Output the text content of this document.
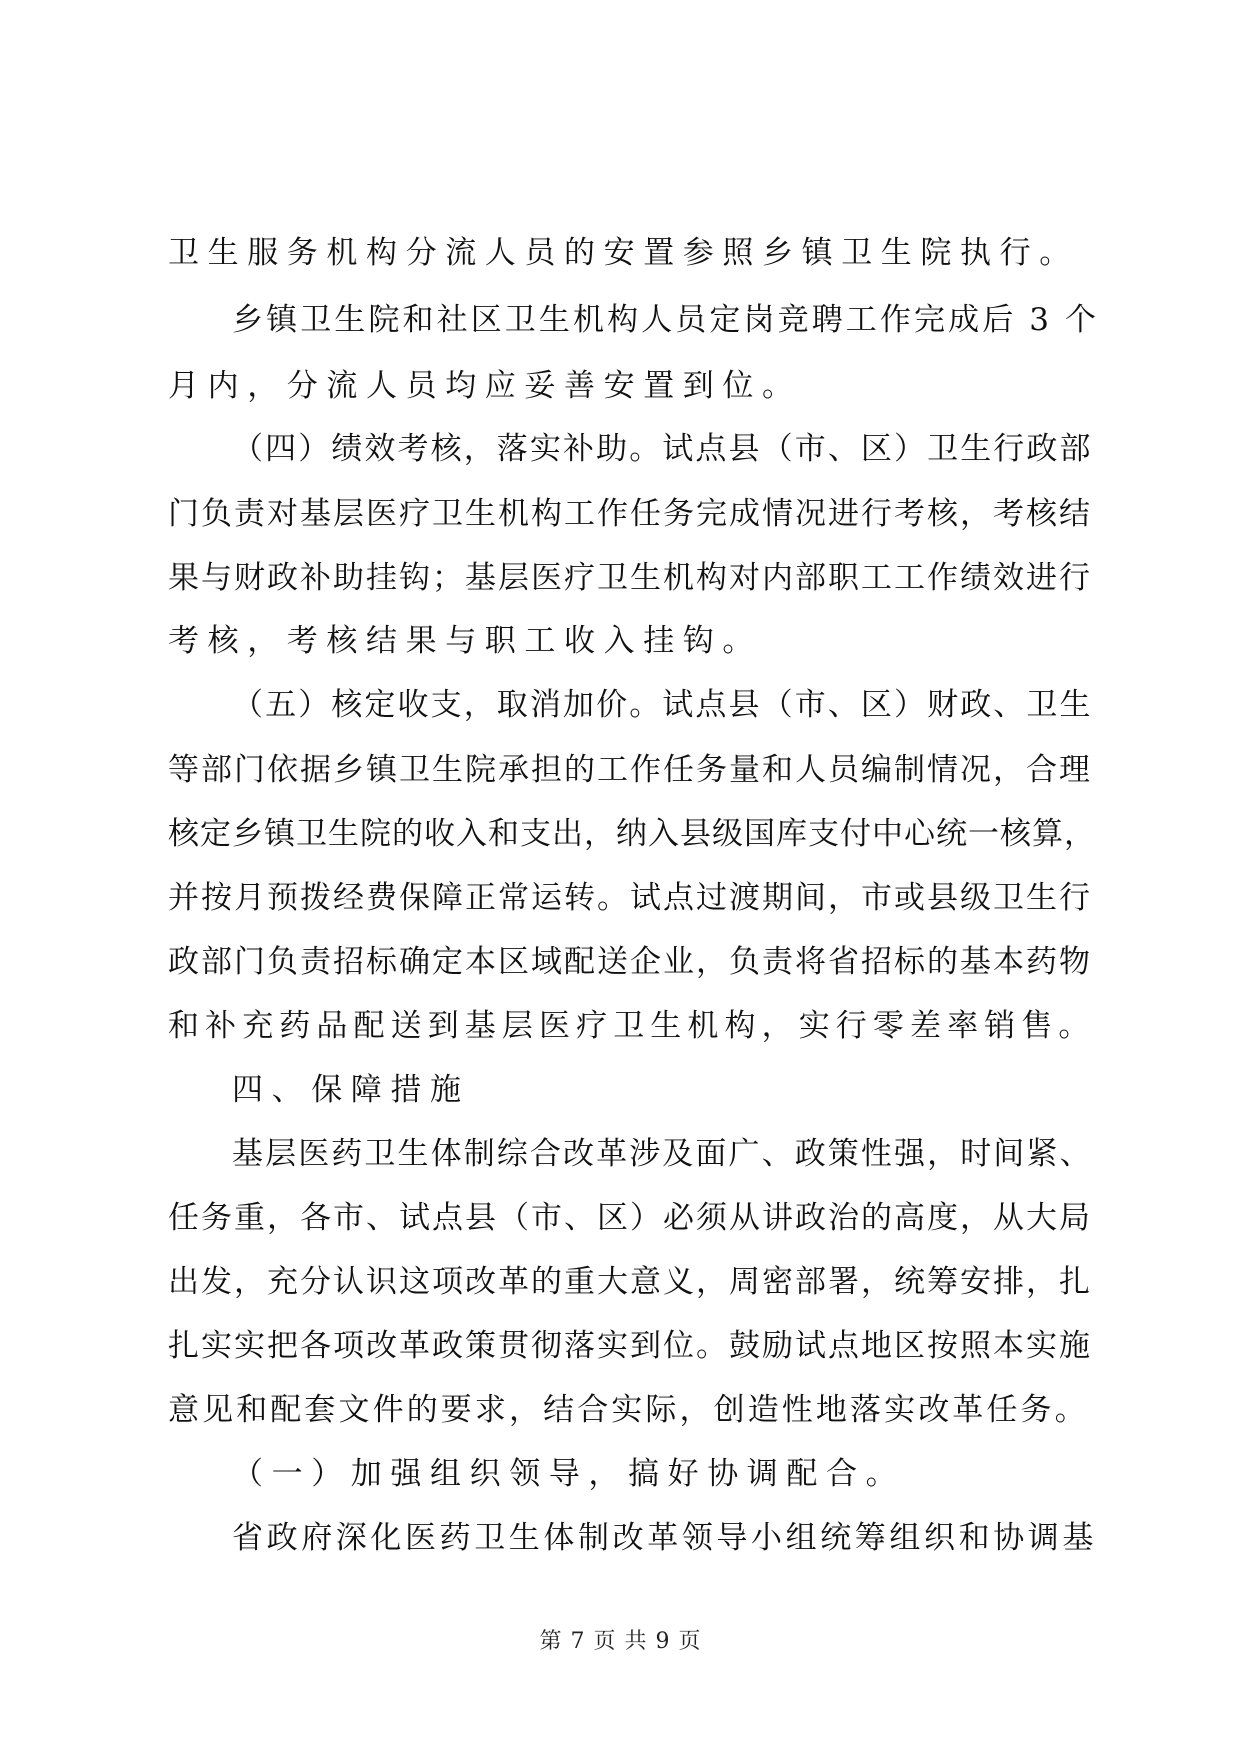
卫生服务机构分流人员的安置参照乡镇卫生院执行。
乡镇卫生院和社区卫生机构人员定岗竞聘工作完成后 3 个
月内，分流人员均应妥善安置到位。
（四）绩效考核，落实补助。试点县（市、区）卫生行政部
门负责对基层医疗卫生机构工作任务完成情况进行考核，考核结
果与财政补助挂钩；基层医疗卫生机构对内部职工工作绩效进行
考核，考核结果与职工收入挂钩。
（五）核定收支，取消加价。试点县（市、区）财政、卫生
等部门依据乡镇卫生院承担的工作任务量和人员编制情况，合理
核定乡镇卫生院的收入和支出，纳入县级国库支付中心统一核算，
并按月预拨经费保障正常运转。试点过渡期间，市或县级卫生行
政部门负责招标确定本区域配送企业，负责将省招标的基本药物
和补充药品配送到基层医疗卫生机构，实行零差率销售。
四、保障措施
基层医药卫生体制综合改革涉及面广、政策性强，时间紧、
任务重，各市、试点县（市、区）必须从讲政治的高度，从大局
出发，充分认识这项改革的重大意义，周密部署，统筹安排，扎
扎实实把各项改革政策贯彻落实到位。鼓励试点地区按照本实施
意见和配套文件的要求，结合实际，创造性地落实改革任务。
（一）加强组织领导，搞好协调配合。
省政府深化医药卫生体制改革领导小组统筹组织和协调基
第 7 页 共 9 页
